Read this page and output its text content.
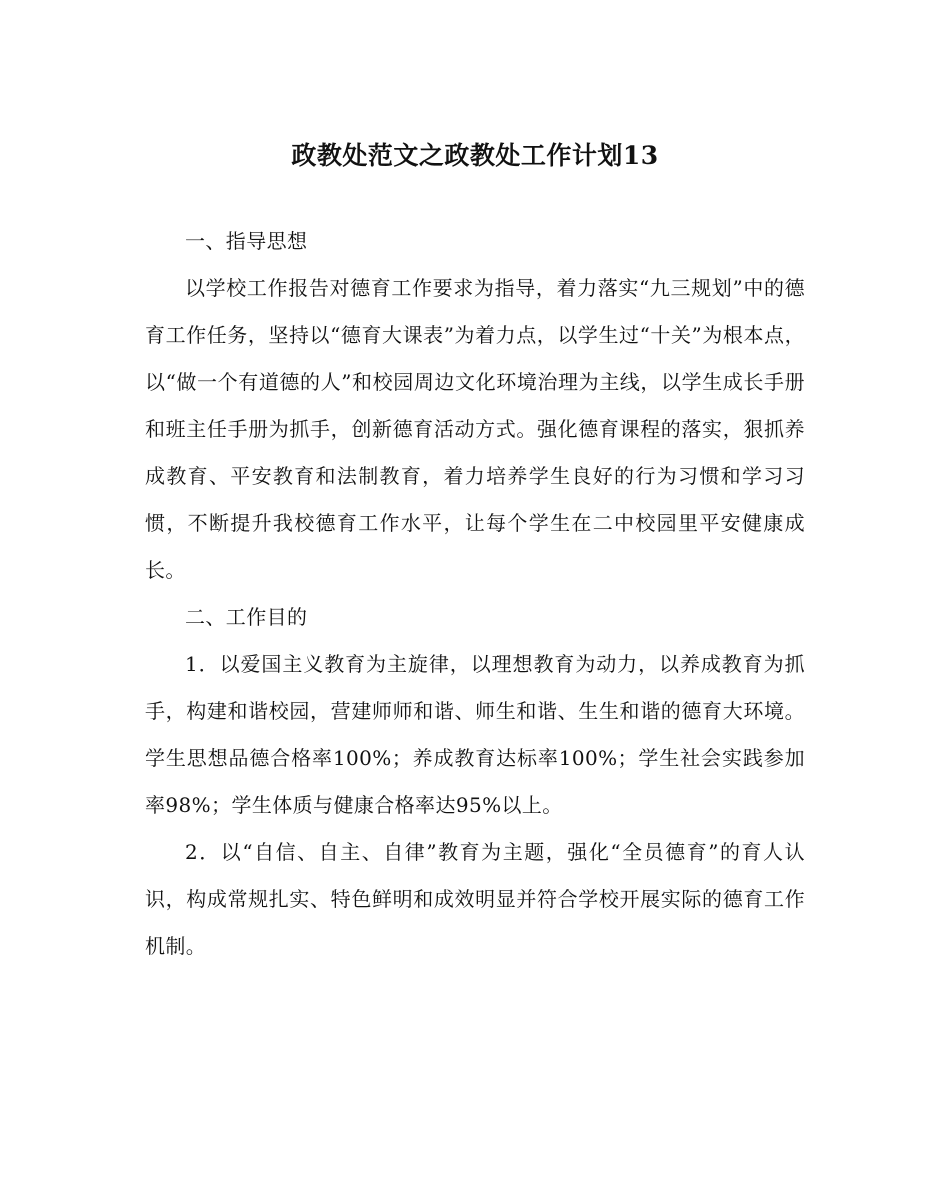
政教处范文之政教处工作计划13

一、指导思想

以学校工作报告对德育工作要求为指导，着力落实“九三规划”中的德育工作任务，坚持以“德育大课表”为着力点，以学生过“十关”为根本点，以“做一个有道德的人”和校园周边文化环境治理为主线，以学生成长手册和班主任手册为抓手，创新德育活动方式。强化德育课程的落实，狠抓养成教育、平安教育和法制教育，着力培养学生良好的行为习惯和学习习惯，不断提升我校德育工作水平，让每个学生在二中校园里平安健康成长。

二、工作目的

1．以爱国主义教育为主旋律，以理想教育为动力，以养成教育为抓手，构建和谐校园，营建师师和谐、师生和谐、生生和谐的德育大环境。学生思想品德合格率100%；养成教育达标率100%；学生社会实践参加率98%；学生体质与健康合格率达95%以上。

2．以“自信、自主、自律”教育为主题，强化“全员德育”的育人认识，构成常规扎实、特色鲜明和成效明显并符合学校开展实际的德育工作机制。
